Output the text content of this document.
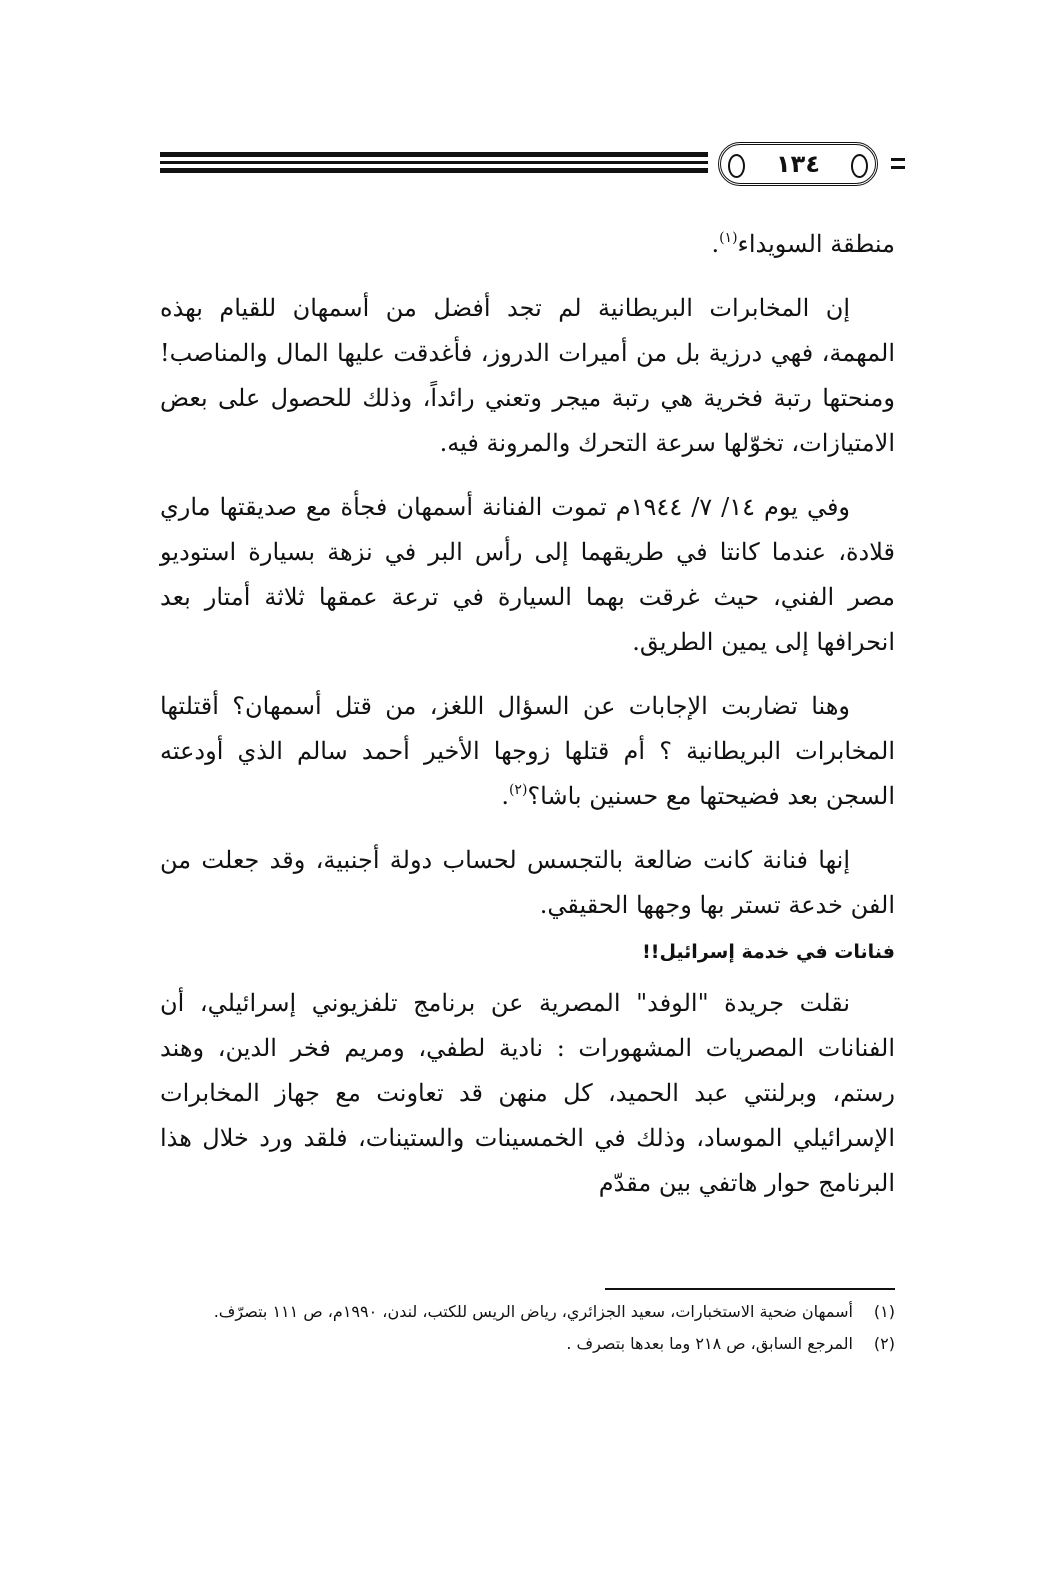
١٣٤

منطقة السويداء$^{(١)}$.

إن المخابرات البريطانية لم تجد أفضل من أسمهان للقيام بهذه المهمة، فهي درزية بل من أميرات الدروز، فأغدقت عليها المال والمناصب! ومنحتها رتبة فخرية هي رتبة ميجر وتعني رائداً، وذلك للحصول على بعض الامتيازات، تخوّلها سرعة التحرك والمرونة فيه.

وفي يوم ١٤/ ٧/ ١٩٤٤م تموت الفنانة أسمهان فجأة مع صديقتها ماري قلادة، عندما كانتا في طريقهما إلى رأس البر في نزهة بسيارة استوديو مصر الفني، حيث غرقت بهما السيارة في ترعة عمقها ثلاثة أمتار بعد انحرافها إلى يمين الطريق.

وهنا تضاربت الإجابات عن السؤال اللغز، من قتل أسمهان؟ أقتلتها المخابرات البريطانية ؟ أم قتلها زوجها الأخير أحمد سالم الذي أودعته السجن بعد فضيحتها مع حسنين باشا؟$^{(٢)}$.

إنها فنانة كانت ضالعة بالتجسس لحساب دولة أجنبية، وقد جعلت من الفن خدعة تستر بها وجهها الحقيقي.

فنانات في خدمة إسرائيل!!

نقلت جريدة "الوفد" المصرية عن برنامج تلفزيوني إسرائيلي، أن الفنانات المصريات المشهورات : نادية لطفي، ومريم فخر الدين، وهند رستم، وبرلنتي عبد الحميد، كل منهن قد تعاونت مع جهاز المخابرات الإسرائيلي الموساد، وذلك في الخمسينات والستينات، فلقد ورد خلال هذا البرنامج حوار هاتفي بين مقدّم

(١)
أسمهان ضحية الاستخبارات، سعيد الجزائري، رياض الريس للكتب، لندن، ١٩٩٠م، ص ١١١ بتصرّف.
(٢)
المرجع السابق، ص ٢١٨ وما بعدها بتصرف .
